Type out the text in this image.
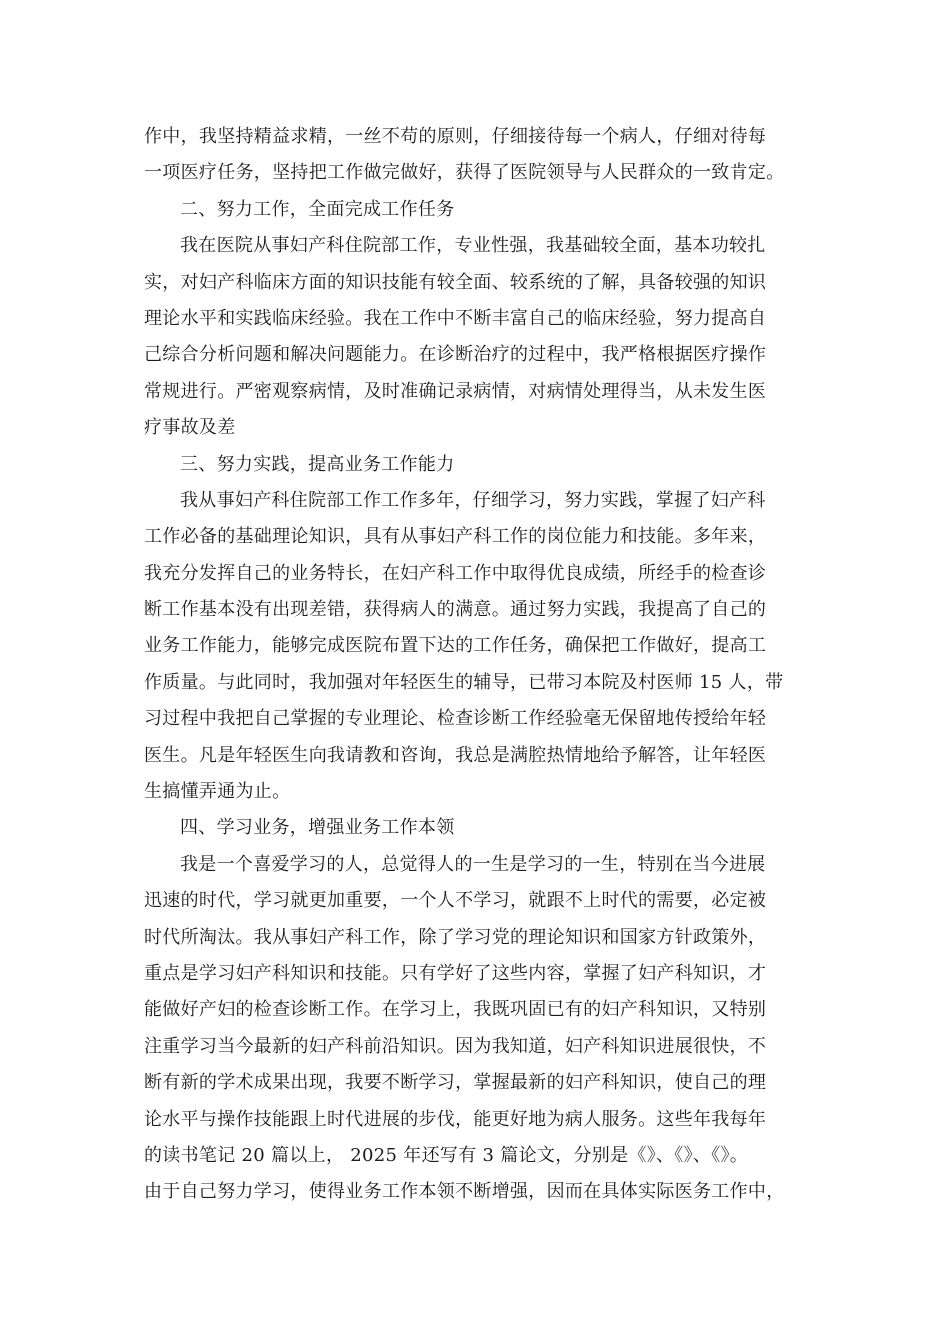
作中，我坚持精益求精，一丝不苟的原则，仔细接待每一个病人，仔细对待每
一项医疗任务，坚持把工作做完做好，获得了医院领导与人民群众的一致肯定。
二、努力工作，全面完成工作任务
我在医院从事妇产科住院部工作，专业性强，我基础较全面，基本功较扎
实，对妇产科临床方面的知识技能有较全面、较系统的了解，具备较强的知识
理论水平和实践临床经验。我在工作中不断丰富自己的临床经验，努力提高自
己综合分析问题和解决问题能力。在诊断治疗的过程中，我严格根据医疗操作
常规进行。严密观察病情，及时准确记录病情，对病情处理得当，从未发生医
疗事故及差
三、努力实践，提高业务工作能力
我从事妇产科住院部工作工作多年，仔细学习，努力实践，掌握了妇产科
工作必备的基础理论知识，具有从事妇产科工作的岗位能力和技能。多年来，
我充分发挥自己的业务特长，在妇产科工作中取得优良成绩，所经手的检查诊
断工作基本没有出现差错，获得病人的满意。通过努力实践，我提高了自己的
业务工作能力，能够完成医院布置下达的工作任务，确保把工作做好，提高工
作质量。与此同时，我加强对年轻医生的辅导，已带习本院及村医师 15 人，带
习过程中我把自己掌握的专业理论、检查诊断工作经验毫无保留地传授给年轻
医生。凡是年轻医生向我请教和咨询，我总是满腔热情地给予解答，让年轻医
生搞懂弄通为止。
四、学习业务，增强业务工作本领
我是一个喜爱学习的人，总觉得人的一生是学习的一生，特别在当今进展
迅速的时代，学习就更加重要，一个人不学习，就跟不上时代的需要，必定被
时代所淘汰。我从事妇产科工作，除了学习党的理论知识和国家方针政策外，
重点是学习妇产科知识和技能。只有学好了这些内容，掌握了妇产科知识，才
能做好产妇的检查诊断工作。在学习上，我既巩固已有的妇产科知识，又特别
注重学习当今最新的妇产科前沿知识。因为我知道，妇产科知识进展很快，不
断有新的学术成果出现，我要不断学习，掌握最新的妇产科知识，使自己的理
论水平与操作技能跟上时代进展的步伐，能更好地为病人服务。这些年我每年
的读书笔记 20 篇以上， 2025 年还写有 3 篇论文，分别是《》、《》、《》。
由于自己努力学习，使得业务工作本领不断增强，因而在具体实际医务工作中，
